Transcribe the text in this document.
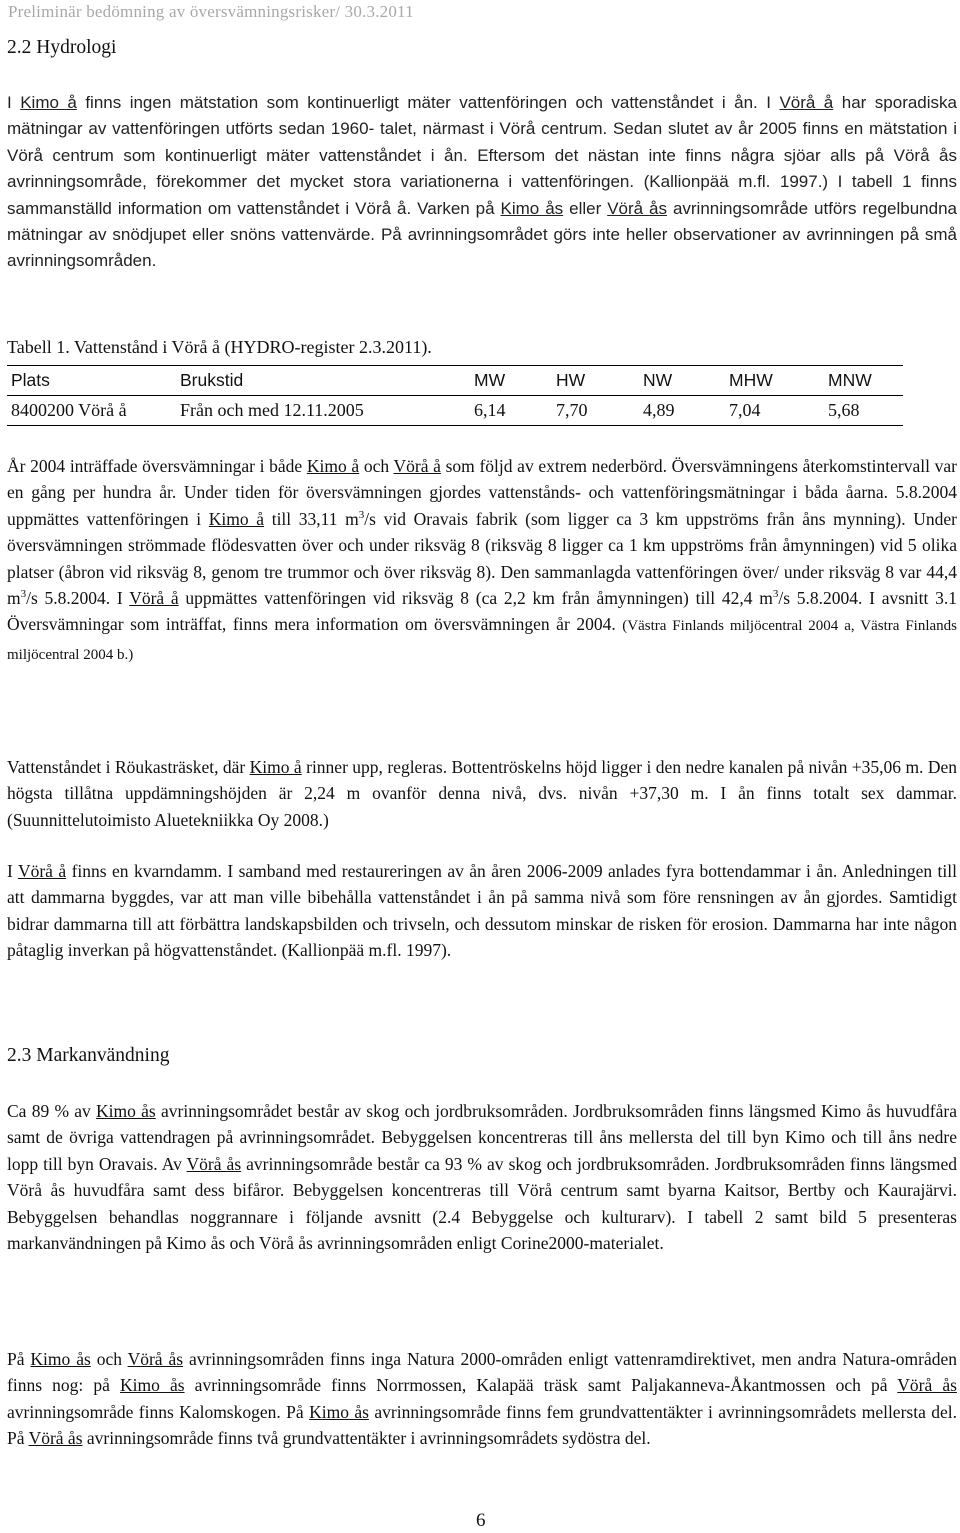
Preliminär bedömning av översvämningsrisker/ 30.3.2011
2.2 Hydrologi

I Kimo å finns ingen mätstation som kontinuerligt mäter vattenföringen och vattenståndet i ån. I Vörå å har sporadiska mätningar av vattenföringen utförts sedan 1960- talet, närmast i Vörå centrum. Sedan slutet av år 2005 finns en mätstation i Vörå centrum som kontinuerligt mäter vattenståndet i ån. Eftersom det nästan inte finns några sjöar alls på Vörå ås avrinningsområde, förekommer det mycket stora variationerna i vattenföringen. (Kallionpää m.fl. 1997.) I tabell 1 finns sammanställd information om vattenståndet i Vörå å. Varken på Kimo ås eller Vörå ås avrinningsområde utförs regelbundna mätningar av snödjupet eller snöns vattenvärde. På avrinningsområdet görs inte heller observationer av avrinningen på små avrinningsområden.

Tabell 1. Vattenstånd i Vörå å (HYDRO-register 2.3.2011).
Plats	Brukstid	MW	HW	NW	MHW	MNW
8400200 Vörå å	Från och med 12.11.2005	6,14	7,70	4,89	7,04	5,68

År 2004 inträffade översvämningar i både Kimo å och Vörå å som följd av extrem nederbörd. Översvämningens återkomstintervall var en gång per hundra år. Under tiden för översvämningen gjordes vattenstånds- och vattenföringsmätningar i båda åarna. 5.8.2004 uppmättes vattenföringen i Kimo å till 33,11 $m^3/s$ vid Oravais fabrik (som ligger ca 3 km uppströms från åns mynning). Under översvämningen strömmade flödesvatten över och under riksväg 8 (riksväg 8 ligger ca 1 km uppströms från åmynningen) vid 5 olika platser (åbron vid riksväg 8, genom tre trummor och över riksväg 8). Den sammanlagda vattenföringen över/ under riksväg 8 var 44,4 $m^3/s$ 5.8.2004. I Vörå å uppmättes vattenföringen vid riksväg 8 (ca 2,2 km från åmynningen) till 42,4 $m^3/s$ 5.8.2004. I avsnitt 3.1 Översvämningar som inträffat, finns mera information om översvämningen år 2004. (Västra Finlands miljöcentral 2004 a, Västra Finlands miljöcentral 2004 b.)

Vattenståndet i Röukasträsket, där Kimo å rinner upp, regleras. Bottentröskelns höjd ligger i den nedre kanalen på nivån +35,06 m. Den högsta tillåtna uppdämningshöjden är 2,24 m ovanför denna nivå, dvs. nivån +37,30 m. I ån finns totalt sex dammar. (Suunnittelutoimisto Aluetekniikka Oy 2008.)

I Vörå å finns en kvarndamm. I samband med restaureringen av ån åren 2006-2009 anlades fyra bottendammar i ån. Anledningen till att dammarna byggdes, var att man ville bibehålla vattenståndet i ån på samma nivå som före rensningen av ån gjordes. Samtidigt bidrar dammarna till att förbättra landskapsbilden och trivseln, och dessutom minskar de risken för erosion. Dammarna har inte någon påtaglig inverkan på högvattenståndet. (Kallionpää m.fl. 1997).

2.3 Markanvändning

Ca 89 % av Kimo ås avrinningsområdet består av skog och jordbruksområden. Jordbruksområden finns längsmed Kimo ås huvudfåra samt de övriga vattendragen på avrinningsområdet. Bebyggelsen koncentreras till åns mellersta del till byn Kimo och till åns nedre lopp till byn Oravais. Av Vörå ås avrinningsområde består ca 93 % av skog och jordbruksområden. Jordbruksområden finns längsmed Vörå ås huvudfåra samt dess bifåror. Bebyggelsen koncentreras till Vörå centrum samt byarna Kaitsor, Bertby och Kaurajärvi. Bebyggelsen behandlas noggrannare i följande avsnitt (2.4 Bebyggelse och kulturarv). I tabell 2 samt bild 5 presenteras markanvändningen på Kimo ås och Vörå ås avrinningsområden enligt Corine2000-materialet.

På Kimo ås och Vörå ås avrinningsområden finns inga Natura 2000-områden enligt vattenramdirektivet, men andra Natura-områden finns nog: på Kimo ås avrinningsområde finns Norrmossen, Kalapää träsk samt Paljakanneva-Åkantmossen och på Vörå ås avrinningsområde finns Kalomskogen. På Kimo ås avrinningsområde finns fem grundvattentäkter i avrinningsområdets mellersta del. På Vörå ås avrinningsområde finns två grundvattentäkter i avrinningsområdets sydöstra del.

6
